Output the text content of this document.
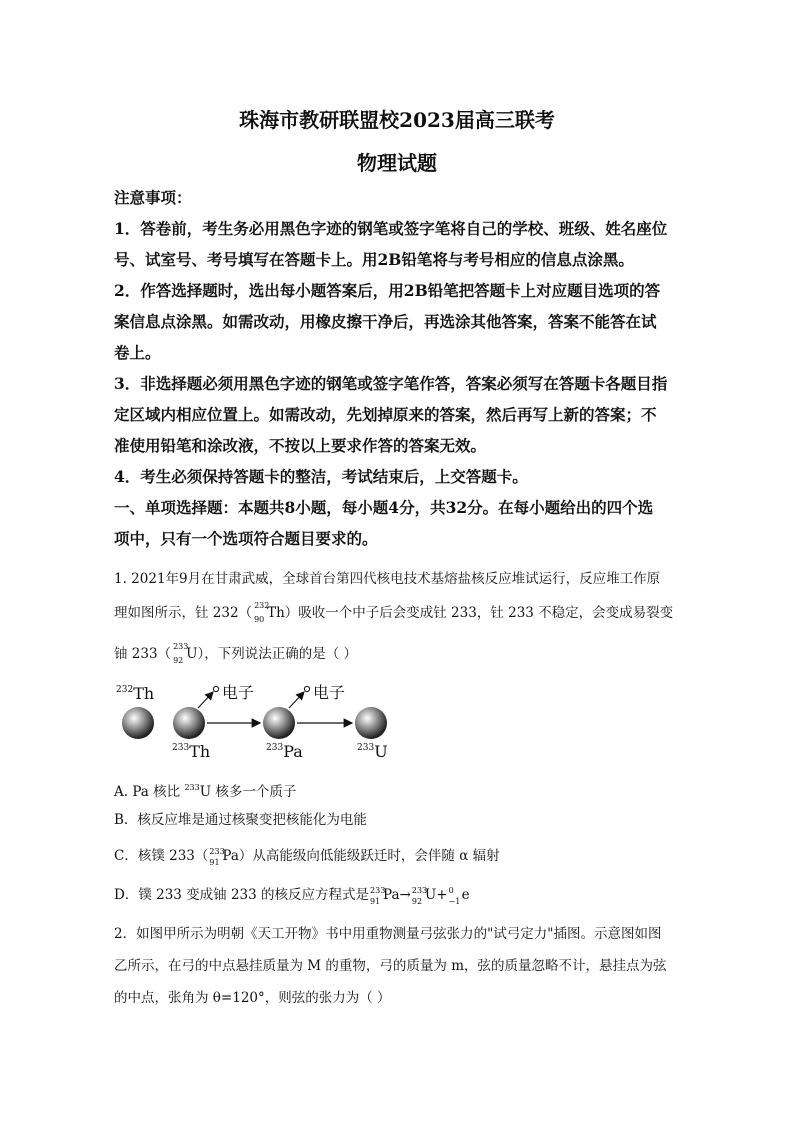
珠海市教研联盟校2023届高三联考
物理试题
注意事项：
1．答卷前，考生务必用黑色字迹的钢笔或签字笔将自己的学校、班级、姓名座位
号、试室号、考号填写在答题卡上。用2B铅笔将与考号相应的信息点涂黑。
2．作答选择题时，选出每小题答案后，用2B铅笔把答题卡上对应题目选项的答
案信息点涂黑。如需改动，用橡皮擦干净后，再选涂其他答案，答案不能答在试
卷上。
3．非选择题必须用黑色字迹的钢笔或签字笔作答，答案必须写在答题卡各题目指
定区域内相应位置上。如需改动，先划掉原来的答案，然后再写上新的答案；不
准使用铅笔和涂改液，不按以上要求作答的答案无效。
4．考生必须保持答题卡的整洁，考试结束后，上交答题卡。
一、单项选择题：本题共8小题，每小题4分，共32分。在每小题给出的四个选
项中，只有一个选项符合题目要求的。
1. 2021年9月在甘肃武威，全球首台第四代核电技术基熔盐核反应堆试运行，反应堆工作原
理如图所示，钍 232（ 232
90 Th）吸收一个中子后会变成钍 233，钍 233 不稳定，会变成易裂变
铀 233（ 233
92 U），下列说法正确的是（ ）
$^{232}$Th
$^{233}$Th	$^{233}$Pa	$^{233}$U
电子	电子
A. Pa 核比 $^{233}$U 核多一个质子
B．核反应堆是通过核聚变把核能化为电能
C．核镤 233（ 233
91 Pa）从高能级向低能级跃迁时，会伴随 α 辐射
D．镤 233 变成铀 233 的核反应方程式是 233
91 Pa→ 233
92 U+ 0
−1 e
2．如图甲所示为明朝《天工开物》书中用重物测量弓弦张力的"试弓定力"插图。示意图如图
乙所示，在弓的中点悬挂质量为 M 的重物，弓的质量为 m，弦的质量忽略不计，悬挂点为弦
的中点，张角为 θ=120°，则弦的张力为（ ）
